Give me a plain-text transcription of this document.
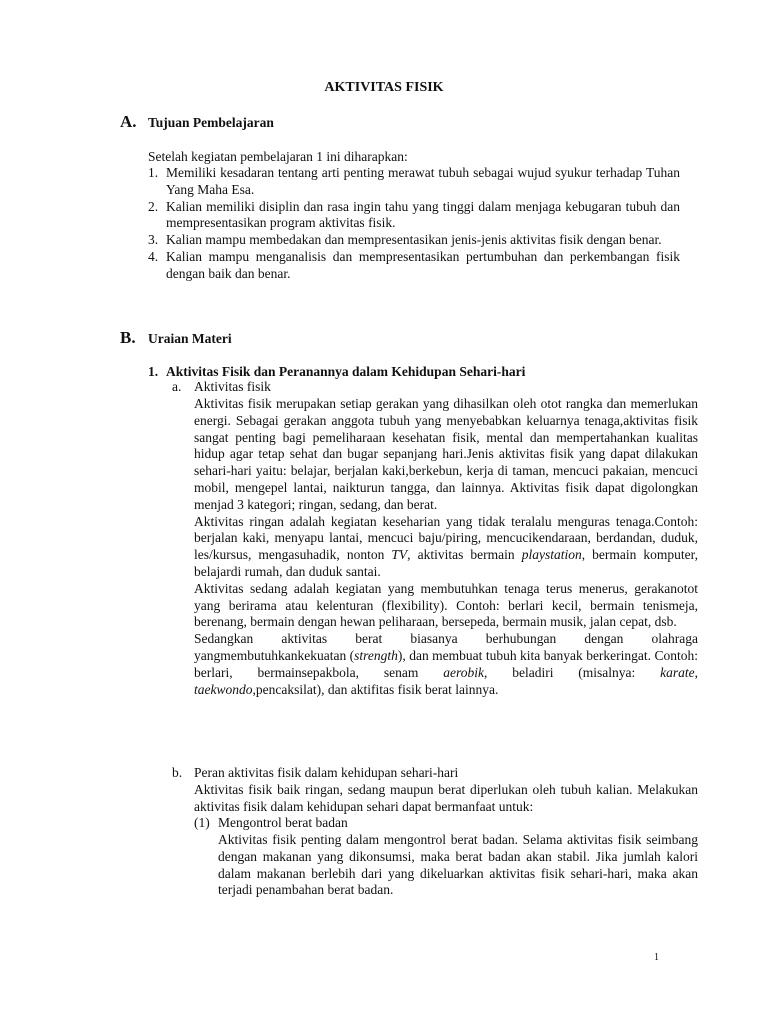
AKTIVITAS FISIK
A. Tujuan Pembelajaran
Setelah kegiatan pembelajaran 1 ini diharapkan:
1. Memiliki kesadaran tentang arti penting merawat tubuh sebagai wujud syukur terhadap Tuhan Yang Maha Esa.
2. Kalian memiliki disiplin dan rasa ingin tahu yang tinggi dalam menjaga kebugaran tubuh dan mempresentasikan program aktivitas fisik.
3. Kalian mampu membedakan dan mempresentasikan jenis-jenis aktivitas fisik dengan benar.
4. Kalian mampu menganalisis dan mempresentasikan pertumbuhan dan perkembangan fisik dengan baik dan benar.
B. Uraian Materi
1. Aktivitas Fisik dan Peranannya dalam Kehidupan Sehari-hari
a. Aktivitas fisik

Aktivitas fisik merupakan setiap gerakan yang dihasilkan oleh otot rangka dan memerlukan energi. Sebagai gerakan anggota tubuh yang menyebabkan keluarnya tenaga,aktivitas fisik sangat penting bagi pemeliharaan kesehatan fisik, mental dan mempertahankan kualitas hidup agar tetap sehat dan bugar sepanjang hari.Jenis aktivitas fisik yang dapat dilakukan sehari-hari yaitu: belajar, berjalan kaki,berkebun, kerja di taman, mencuci pakaian, mencuci mobil, mengepel lantai, naikturun tangga, dan lainnya. Aktivitas fisik dapat digolongkan menjad 3 kategori; ringan, sedang, dan berat.

Aktivitas ringan adalah kegiatan keseharian yang tidak teralalu menguras tenaga.Contoh: berjalan kaki, menyapu lantai, mencuci baju/piring, mencucikendaraan, berdandan, duduk, les/kursus, mengasuhadik, nonton TV, aktivitas bermain playstation, bermain komputer, belajardi rumah, dan duduk santai.

Aktivitas sedang adalah kegiatan yang membutuhkan tenaga terus menerus, gerakanotot yang berirama atau kelenturan (flexibility). Contoh: berlari kecil, bermain tenismeja, berenang, bermain dengan hewan peliharaan, bersepeda, bermain musik, jalan cepat, dsb.

Sedangkan aktivitas berat biasanya berhubungan dengan olahraga yangmembutuhkankekuatan (strength), dan membuat tubuh kita banyak berkeringat. Contoh: berlari, bermainsepakbola, senam aerobik, beladiri (misalnya: karate, taekwondo,pencaksilat), dan aktifitas fisik berat lainnya.

b. Peran aktivitas fisik dalam kehidupan sehari-hari
Aktivitas fisik baik ringan, sedang maupun berat diperlukan oleh tubuh kalian. Melakukan aktivitas fisik dalam kehidupan sehari dapat bermanfaat untuk:
(1) Mengontrol berat badan
Aktivitas fisik penting dalam mengontrol berat badan. Selama aktivitas fisik seimbang dengan makanan yang dikonsumsi, maka berat badan akan stabil. Jika jumlah kalori dalam makanan berlebih dari yang dikeluarkan aktivitas fisik sehari-hari, maka akan terjadi penambahan berat badan.
1
